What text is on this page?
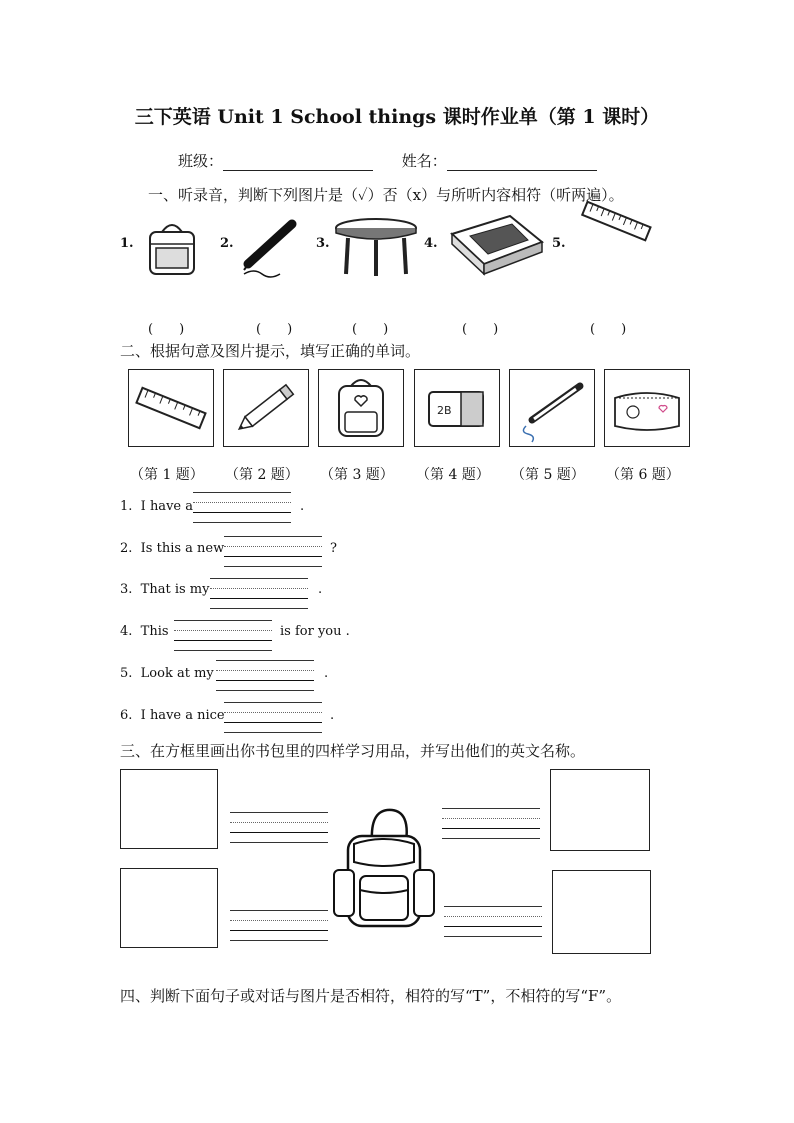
三下英语 Unit 1 School things 课时作业单（第 1 课时）
班级：	姓名：
一、听录音，判断下列图片是（✓）否（x）与所听内容相符（听两遍）。
1.	2.	3.	4.	5.
(　　)	(　　)	(　　)	(　　)	(　　)
二、根据句意及图片提示，填写正确的单词。
2B
（第 1 题） （第 2 题） （第 3 题） （第 4 题） （第 5 题） （第 6 题）
1. I have a	.
2. Is this a new	?
3. That is my	.
4. This	is for you .
5. Look at my	.
6. I have a nice	.
三、在方框里画出你书包里的四样学习用品，并写出他们的英文名称。
四、判断下面句子或对话与图片是否相符，相符的写“T”，不相符的写“F”。
